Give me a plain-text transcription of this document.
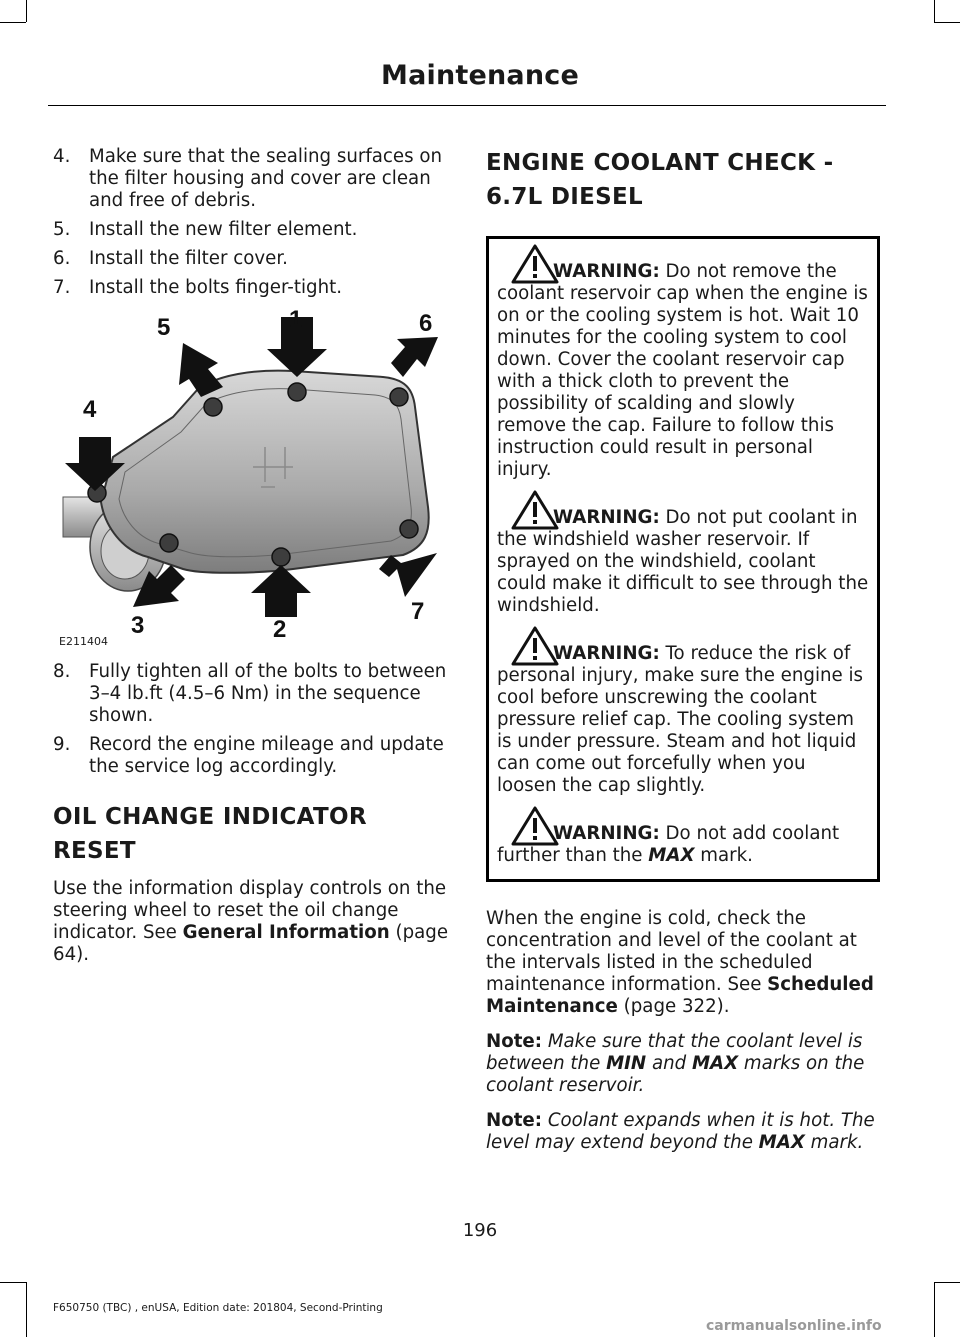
Maintenance
4. Make sure that the sealing surfaces on the filter housing and cover are clean and free of debris.
5. Install the new filter element.
6. Install the filter cover.
7. Install the bolts finger-tight.
5	1	6
4
3	2
7
E211404
8. Fully tighten all of the bolts to between 3–4 lb.ft (4.5–6 Nm) in the sequence shown.
9. Record the engine mileage and update the service log accordingly.
OIL CHANGE INDICATOR
RESET

Use the information display controls on the steering wheel to reset the oil change indicator. See General Information (page 64).

ENGINE COOLANT CHECK -
6.7L DIESEL
WARNING: Do not remove the coolant reservoir cap when the engine is on or the cooling system is hot. Wait 10 minutes for the cooling system to cool down. Cover the coolant reservoir cap with a thick cloth to prevent the possibility of scalding and slowly remove the cap. Failure to follow this instruction could result in personal injury.
WARNING: Do not put coolant in the windshield washer reservoir. If sprayed on the windshield, coolant could make it difficult to see through the windshield.
WARNING: To reduce the risk of personal injury, make sure the engine is cool before unscrewing the coolant pressure relief cap. The cooling system is under pressure. Steam and hot liquid can come out forcefully when you loosen the cap slightly.
WARNING: Do not add coolant further than the MAX mark.

When the engine is cold, check the concentration and level of the coolant at the intervals listed in the scheduled maintenance information. See Scheduled Maintenance (page 322).

Note: Make sure that the coolant level is between the MIN and MAX marks on the coolant reservoir.

Note: Coolant expands when it is hot. The level may extend beyond the MAX mark.

196
F650750 (TBC) , enUSA, Edition date: 201804, Second-Printing
carmanualsonline.info
